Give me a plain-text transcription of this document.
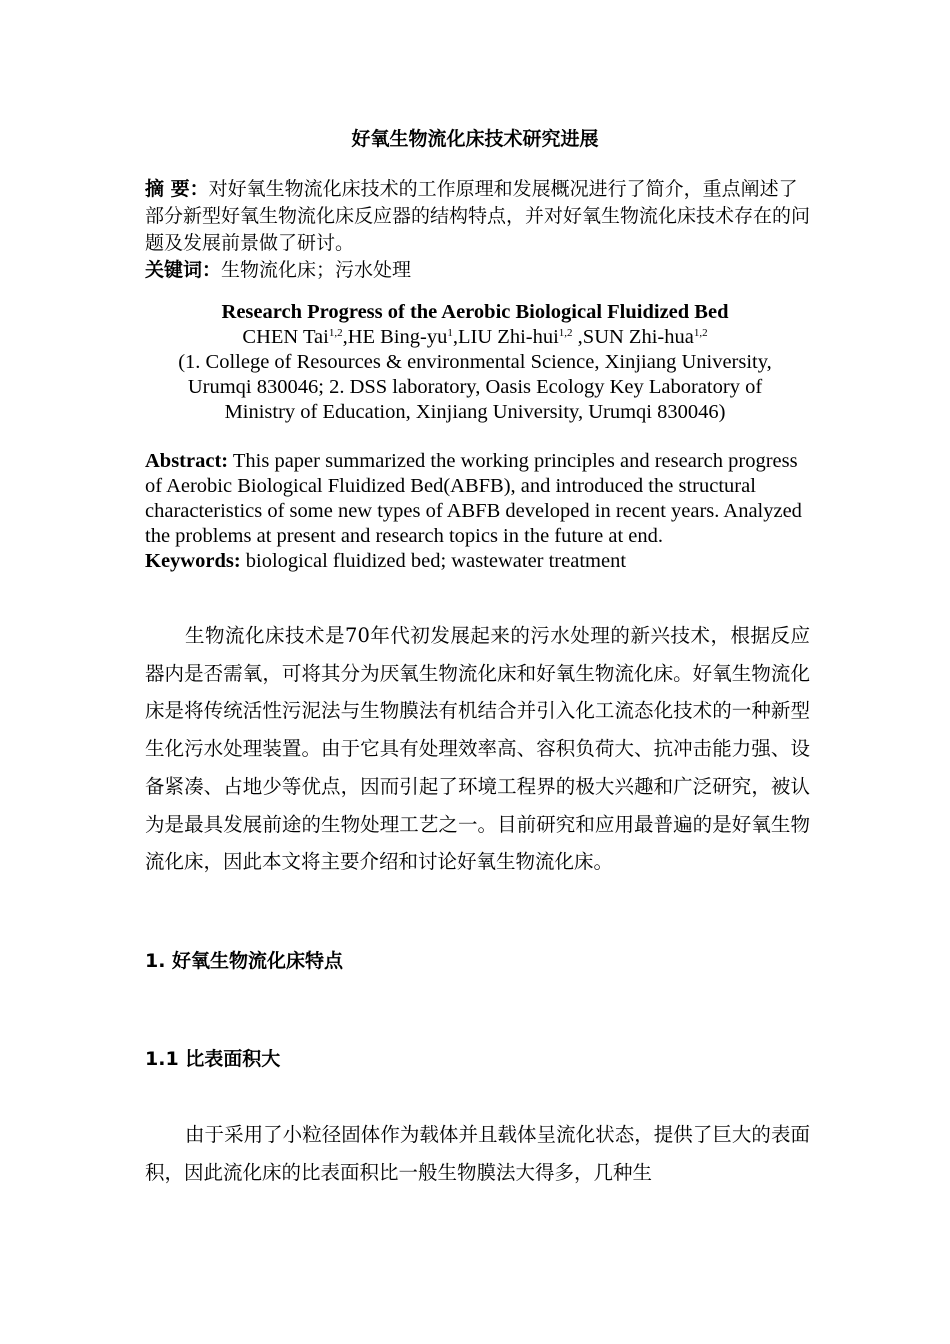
好氧生物流化床技术研究进展

摘 要：对好氧生物流化床技术的工作原理和发展概况进行了简介，重点阐述了部分新型好氧生物流化床反应器的结构特点，并对好氧生物流化床技术存在的问题及发展前景做了研讨。

关键词：生物流化床；污水处理

Research Progress of the Aerobic Biological Fluidized Bed
CHEN Tai$^{1,2}$,HE Bing-$yu^1,LIU$ Zhi-hui$^{1,2}$ ,SUN Zhi-hua$^{1,2}$
(1. College of Resources & environmental Science, Xinjiang University,
Urumqi 830046; 2. DSS laboratory, Oasis Ecology Key Laboratory of
Ministry of Education, Xinjiang University, Urumqi 830046)

Abstract: This paper summarized the working principles and research progress of Aerobic Biological Fluidized Bed(ABFB), and introduced the structural characteristics of some new types of ABFB developed in recent years. Analyzed the problems at present and research topics in the future at end.

Keywords: biological fluidized bed; wastewater treatment

生物流化床技术是70年代初发展起来的污水处理的新兴技术，根据反应器内是否需氧，可将其分为厌氧生物流化床和好氧生物流化床。好氧生物流化床是将传统活性污泥法与生物膜法有机结合并引入化工流态化技术的一种新型生化污水处理装置。由于它具有处理效率高、容积负荷大、抗冲击能力强、设备紧凑、占地少等优点，因而引起了环境工程界的极大兴趣和广泛研究，被认为是最具发展前途的生物处理工艺之一。目前研究和应用最普遍的是好氧生物流化床，因此本文将主要介绍和讨论好氧生物流化床。

1. 好氧生物流化床特点
1.1 比表面积大

由于采用了小粒径固体作为载体并且载体呈流化状态，提供了巨大的表面积，因此流化床的比表面积比一般生物膜法大得多，几种生
